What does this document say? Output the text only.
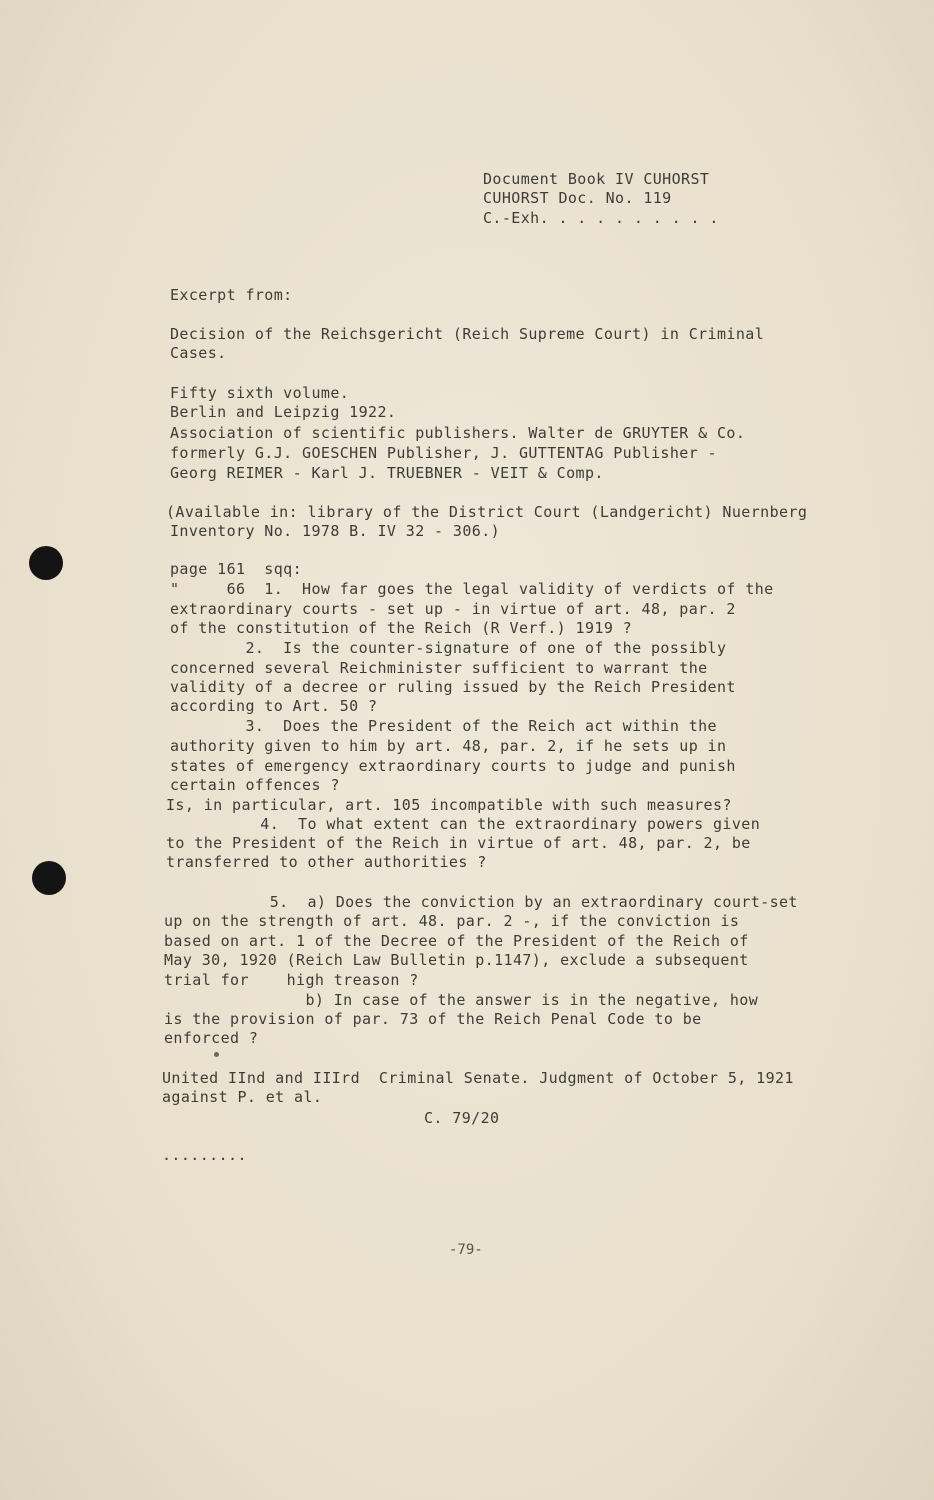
Document Book IV CUHORST
CUHORST Doc. No. 119
C.-Exh. . . . . . . . . .
Excerpt from:
Decision of the Reichsgericht (Reich Supreme Court) in Criminal
Cases.
Fifty sixth volume.
Berlin and Leipzig 1922.
Association of scientific publishers. Walter de GRUYTER & Co.
formerly G.J. GOESCHEN Publisher, J. GUTTENTAG Publisher -
Georg REIMER - Karl J. TRUEBNER - VEIT & Comp.
(Available in: library of the District Court (Landgericht) Nuernberg
Inventory No. 1978 B. IV 32 - 306.)
page 161  sqq:
"     66  1.  How far goes the legal validity of verdicts of the
extraordinary courts - set up - in virtue of art. 48, par. 2
of the constitution of the Reich (R Verf.) 1919 ?
2.  Is the counter-signature of one of the possibly
concerned several Reichminister sufficient to warrant the
validity of a decree or ruling issued by the Reich President
according to Art. 50 ?
3.  Does the President of the Reich act within the
authority given to him by art. 48, par. 2, if he sets up in
states of emergency extraordinary courts to judge and punish
certain offences ?
Is, in particular, art. 105 incompatible with such measures?
4.  To what extent can the extraordinary powers given
to the President of the Reich in virtue of art. 48, par. 2, be
transferred to other authorities ?
5.  a) Does the conviction by an extraordinary court-set
up on the strength of art. 48. par. 2 -, if the conviction is
based on art. 1 of the Decree of the President of the Reich of
May 30, 1920 (Reich Law Bulletin p.1147), exclude a subsequent
trial for    high treason ?
b) In case of the answer is in the negative, how
is the provision of par. 73 of the Reich Penal Code to be
enforced ?
United IInd and IIIrd  Criminal Senate. Judgment of October 5, 1921
against P. et al.
C. 79/20
.........
-79-
